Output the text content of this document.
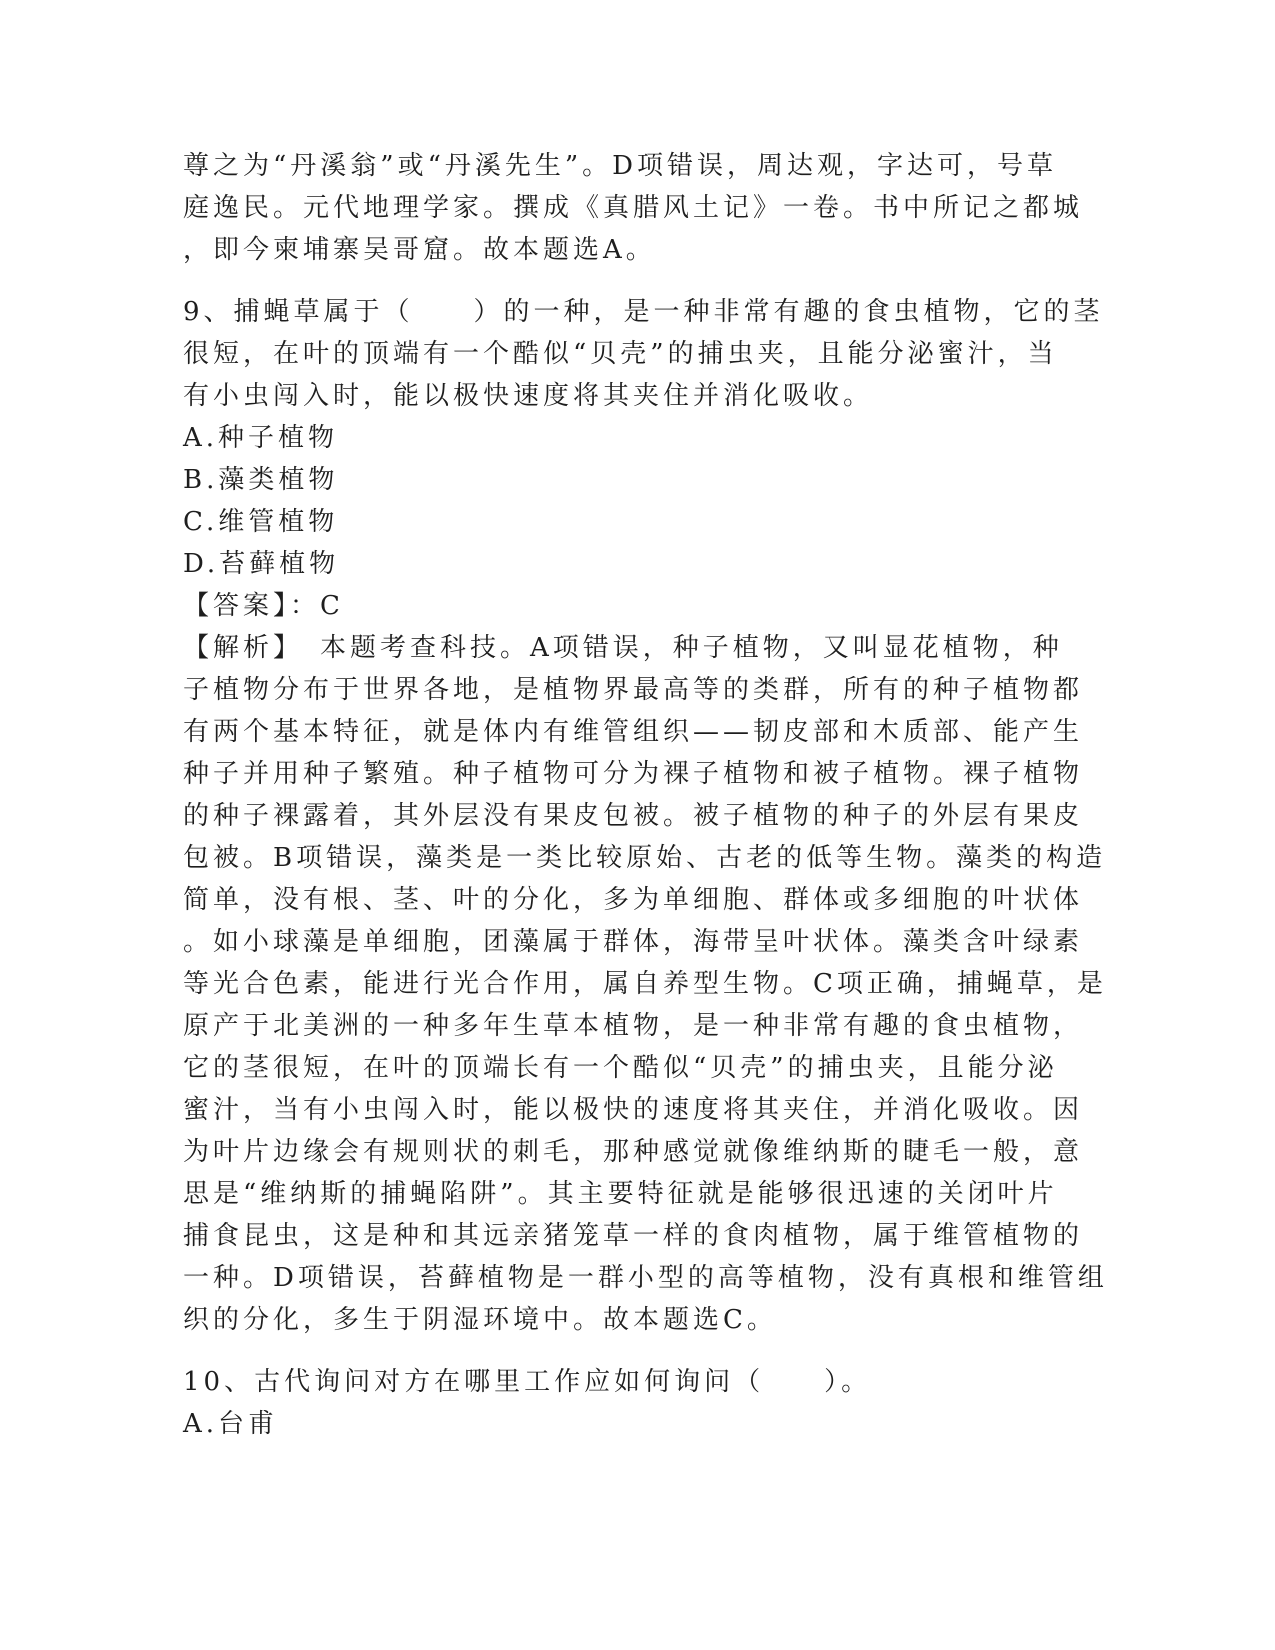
尊之为“丹溪翁”或“丹溪先生”。D项错误，周达观，字达可，号草
庭逸民。元代地理学家。撰成《真腊风土记》一卷。书中所记之都城
，即今柬埔寨吴哥窟。故本题选A。
9、捕蝇草属于（　　）的一种，是一种非常有趣的食虫植物，它的茎
很短，在叶的顶端有一个酷似“贝壳”的捕虫夹，且能分泌蜜汁，当
有小虫闯入时，能以极快速度将其夹住并消化吸收。
A.种子植物
B.藻类植物
C.维管植物
D.苔藓植物
【答案】：C
【解析】　本题考查科技。A项错误，种子植物，又叫显花植物，种
子植物分布于世界各地，是植物界最高等的类群，所有的种子植物都
有两个基本特征，就是体内有维管组织——韧皮部和木质部、能产生
种子并用种子繁殖。种子植物可分为裸子植物和被子植物。裸子植物
的种子裸露着，其外层没有果皮包被。被子植物的种子的外层有果皮
包被。B项错误，藻类是一类比较原始、古老的低等生物。藻类的构造
简单，没有根、茎、叶的分化，多为单细胞、群体或多细胞的叶状体
。如小球藻是单细胞，团藻属于群体，海带呈叶状体。藻类含叶绿素
等光合色素，能进行光合作用，属自养型生物。C项正确，捕蝇草，是
原产于北美洲的一种多年生草本植物，是一种非常有趣的食虫植物，
它的茎很短，在叶的顶端长有一个酷似“贝壳”的捕虫夹，且能分泌
蜜汁，当有小虫闯入时，能以极快的速度将其夹住，并消化吸收。因
为叶片边缘会有规则状的刺毛，那种感觉就像维纳斯的睫毛一般，意
思是“维纳斯的捕蝇陷阱”。其主要特征就是能够很迅速的关闭叶片
捕食昆虫，这是种和其远亲猪笼草一样的食肉植物，属于维管植物的
一种。D项错误，苔藓植物是一群小型的高等植物，没有真根和维管组
织的分化，多生于阴湿环境中。故本题选C。
10、古代询问对方在哪里工作应如何询问（　　）。
A.台甫
